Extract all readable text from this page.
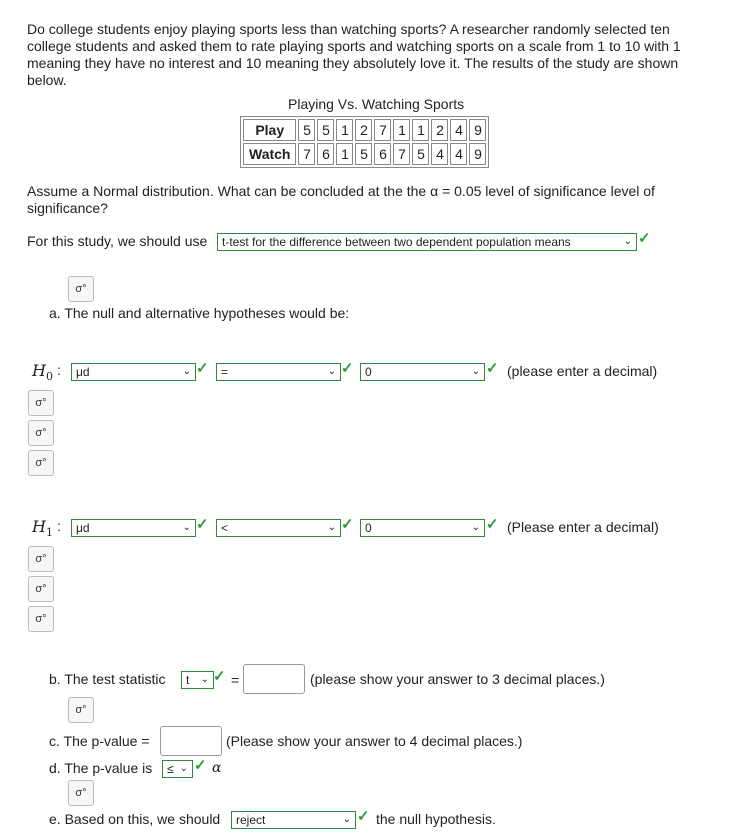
Do college students enjoy playing sports less than watching sports? A researcher randomly selected ten college students and asked them to rate playing sports and watching sports on a scale from 1 to 10 with 1 meaning they have no interest and 10 meaning they absolutely love it. The results of the study are shown below.
Playing Vs. Watching Sports
Play	5	5	1	2	7	1	1	2	4	9
Watch	7	6	1	5	6	7	5	4	4	9
Assume a Normal distribution. What can be concluded at the the α = 0.05 level of significance level of significance?
For this study, we should use	t-test for the difference between two dependent population means	⌄ ✓
σ°
a. The null and alternative hypotheses would be:
$H_0$ :	μd	⌄ ✓	=	⌄ ✓ 0	⌄ ✓ (please enter a decimal)
σ°
σ°
σ°
$H_1$ :	μd	⌄ ✓	<	⌄ ✓ 0	⌄ ✓ (Please enter a decimal)
σ°
σ°
σ°
b. The test statistic	t ⌄ ✓ =	(please show your answer to 3 decimal places.)
σ°
c. The p-value =	(Please show your answer to 4 decimal places.)
d. The p-value is	≤ ⌄ ✓ α
σ°
e. Based on this, we should	reject	⌄ ✓ the null hypothesis.
